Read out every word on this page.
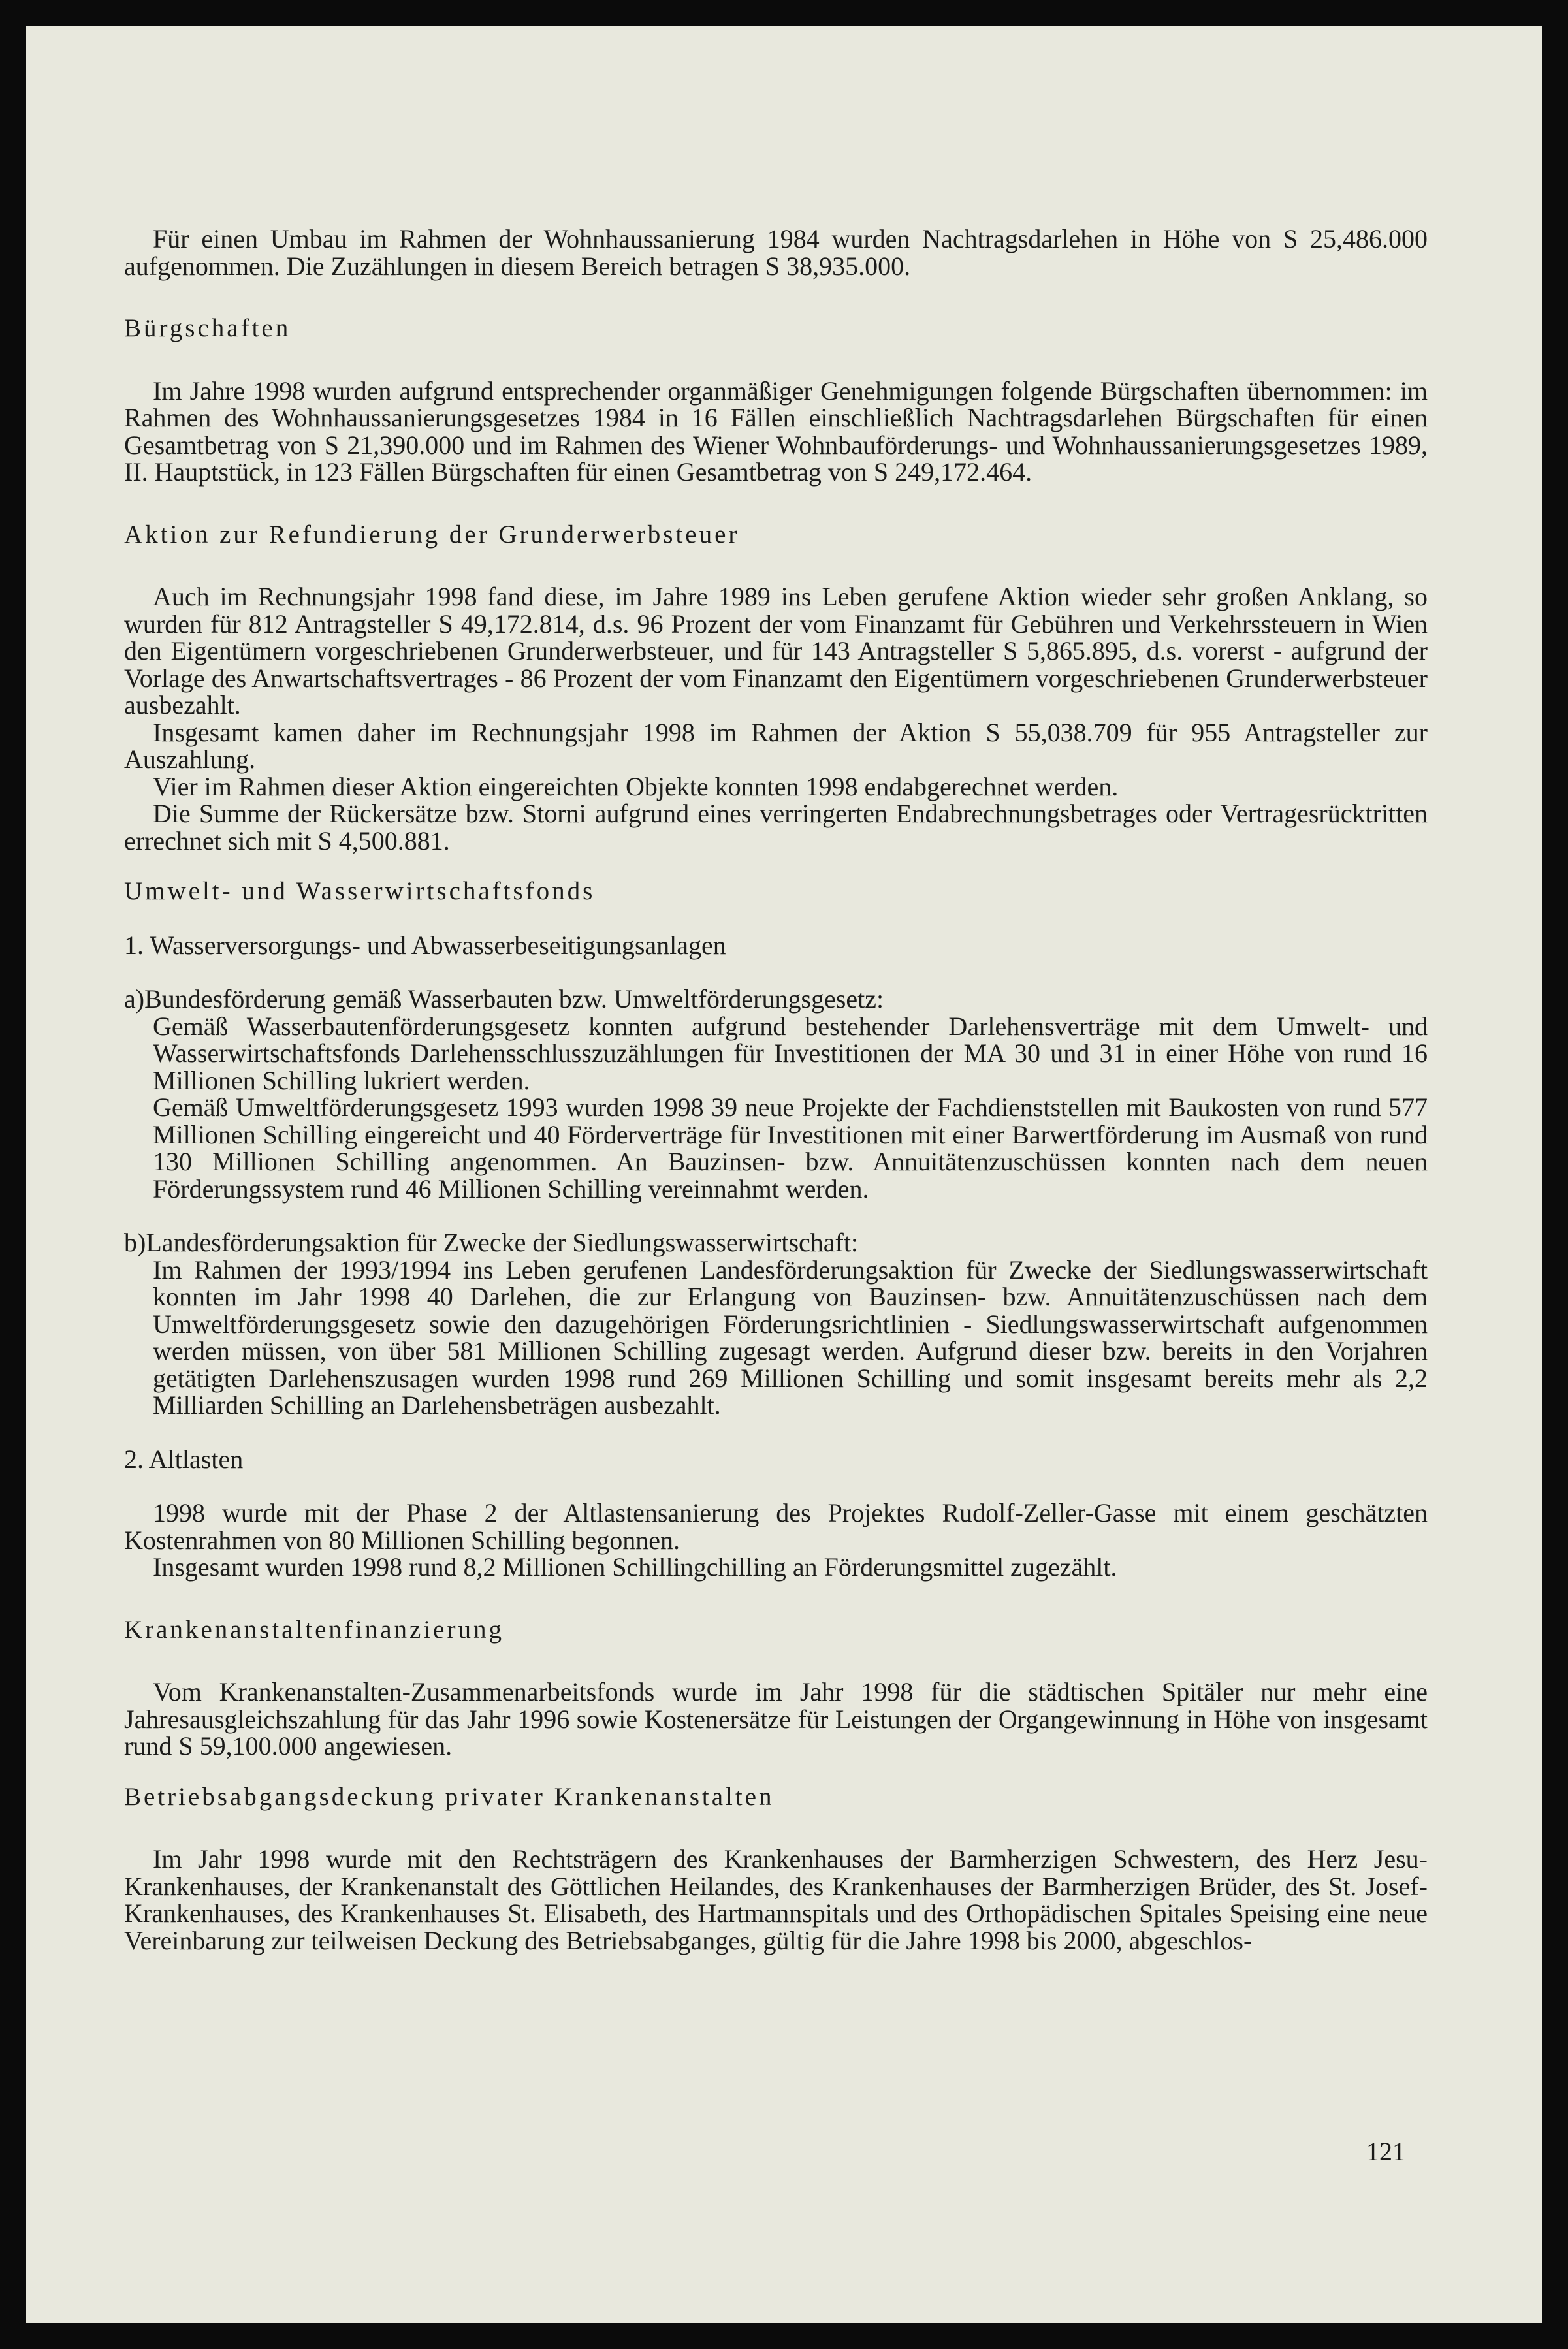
Für einen Umbau im Rahmen der Wohnhaussanierung 1984 wurden Nachtragsdarlehen in Höhe von S 25,486.000 aufgenommen. Die Zuzählungen in diesem Bereich betragen S 38,935.000.
Bürgschaften
Im Jahre 1998 wurden aufgrund entsprechender organmäßiger Genehmigungen folgende Bürgschaften übernommen: im Rahmen des Wohnhaussanierungsgesetzes 1984 in 16 Fällen einschließlich Nachtragsdarlehen Bürgschaften für einen Gesamtbetrag von S 21,390.000 und im Rahmen des Wiener Wohnbauförderungs- und Wohnhaussanierungsgesetzes 1989, II. Hauptstück, in 123 Fällen Bürgschaften für einen Gesamtbetrag von S 249,172.464.
Aktion zur Refundierung der Grunderwerbsteuer
Auch im Rechnungsjahr 1998 fand diese, im Jahre 1989 ins Leben gerufene Aktion wieder sehr großen Anklang, so wurden für 812 Antragsteller S 49,172.814, d.s. 96 Prozent der vom Finanzamt für Gebühren und Verkehrssteuern in Wien den Eigentümern vorgeschriebenen Grunderwerbsteuer, und für 143 Antragsteller S 5,865.895, d.s. vorerst - aufgrund der Vorlage des Anwartschaftsvertrages - 86 Prozent der vom Finanzamt den Eigentümern vorgeschriebenen Grunderwerbsteuer ausbezahlt.
Insgesamt kamen daher im Rechnungsjahr 1998 im Rahmen der Aktion S 55,038.709 für 955 Antragsteller zur Auszahlung.
Vier im Rahmen dieser Aktion eingereichten Objekte konnten 1998 endabgerechnet werden.
Die Summe der Rückersätze bzw. Storni aufgrund eines verringerten Endabrechnungsbetrages oder Vertragesrücktritten errechnet sich mit S 4,500.881.
Umwelt- und Wasserwirtschaftsfonds
1. Wasserversorgungs- und Abwasserbeseitigungsanlagen
a) Bundesförderung gemäß Wasserbauten bzw. Umweltförderungsgesetz:
Gemäß Wasserbautenförderungsgesetz konnten aufgrund bestehender Darlehensverträge mit dem Umwelt- und Wasserwirtschaftsfonds Darlehensschlusszuzählungen für Investitionen der MA 30 und 31 in einer Höhe von rund 16 Millionen Schilling lukriert werden.
Gemäß Umweltförderungsgesetz 1993 wurden 1998 39 neue Projekte der Fachdienststellen mit Baukosten von rund 577 Millionen Schilling eingereicht und 40 Förderverträge für Investitionen mit einer Barwertförderung im Ausmaß von rund 130 Millionen Schilling angenommen. An Bauzinsen- bzw. Annuitätenzuschüssen konnten nach dem neuen Förderungssystem rund 46 Millionen Schilling vereinnahmt werden.
b) Landesförderungsaktion für Zwecke der Siedlungswasserwirtschaft:
Im Rahmen der 1993/1994 ins Leben gerufenen Landesförderungsaktion für Zwecke der Siedlungswasserwirtschaft konnten im Jahr 1998 40 Darlehen, die zur Erlangung von Bauzinsen- bzw. Annuitätenzuschüssen nach dem Umweltförderungsgesetz sowie den dazugehörigen Förderungsrichtlinien - Siedlungswasserwirtschaft aufgenommen werden müssen, von über 581 Millionen Schilling zugesagt werden. Aufgrund dieser bzw. bereits in den Vorjahren getätigten Darlehenszusagen wurden 1998 rund 269 Millionen Schilling und somit insgesamt bereits mehr als 2,2 Milliarden Schilling an Darlehensbeträgen ausbezahlt.
2. Altlasten
1998 wurde mit der Phase 2 der Altlastensanierung des Projektes Rudolf-Zeller-Gasse mit einem geschätzten Kostenrahmen von 80 Millionen Schilling begonnen.
Insgesamt wurden 1998 rund 8,2 Millionen Schillingchilling an Förderungsmittel zugezählt.
Krankenanstaltenfinanzierung
Vom Krankenanstalten-Zusammenarbeitsfonds wurde im Jahr 1998 für die städtischen Spitäler nur mehr eine Jahresausgleichszahlung für das Jahr 1996 sowie Kostenersätze für Leistungen der Organgewinnung in Höhe von insgesamt rund S 59,100.000 angewiesen.
Betriebsabgangsdeckung privater Krankenanstalten
Im Jahr 1998 wurde mit den Rechtsträgern des Krankenhauses der Barmherzigen Schwestern, des Herz Jesu-Krankenhauses, der Krankenanstalt des Göttlichen Heilandes, des Krankenhauses der Barmherzigen Brüder, des St. Josef-Krankenhauses, des Krankenhauses St. Elisabeth, des Hartmannspitals und des Orthopädischen Spitales Speising eine neue Vereinbarung zur teilweisen Deckung des Betriebsabganges, gültig für die Jahre 1998 bis 2000, abgeschlos-
121
